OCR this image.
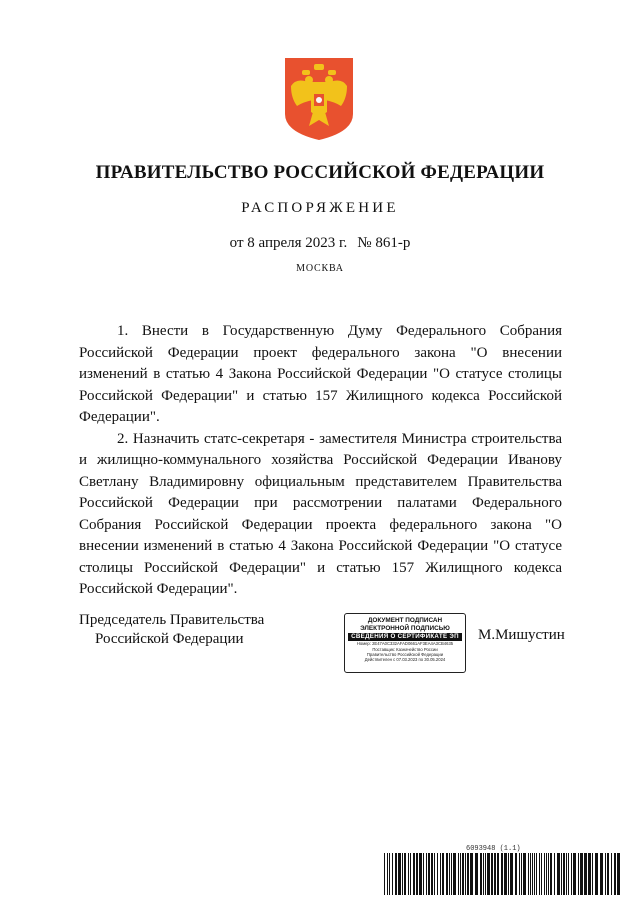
ПРАВИТЕЛЬСТВО РОССИЙСКОЙ ФЕДЕРАЦИИ
РАСПОРЯЖЕНИЕ
от 8 апреля 2023 г. № 861-р
МОСКВА

1. Внести в Государственную Думу Федерального Собрания Российской Федерации проект федерального закона "О внесении изменений в статью 4 Закона Российской Федерации "О статусе столицы Российской Федерации" и статью 157 Жилищного кодекса Российской Федерации".

2. Назначить статс-секретаря - заместителя Министра строительства и жилищно-коммунального хозяйства Российской Федерации Иванову Светлану Владимировну официальным представителем Правительства Российской Федерации при рассмотрении палатами Федерального Собрания Российской Федерации проекта федерального закона "О внесении изменений в статью 4 Закона Российской Федерации "О статусе столицы Российской Федерации" и статью 157 Жилищного кодекса Российской Федерации".

Председатель Правительства
Российской Федерации
ДОКУМЕНТ ПОДПИСАН
ЭЛЕКТРОННОЙ ПОДПИСЬЮ
СВЕДЕНИЯ О СЕРТИФИКАТЕ ЭП
Номер: 2E47A0C332AFAD0661AF3EA4A3CB4635
Поставщик: Казначейство России
Правительство Российской Федерации
Действителен с 07.03.2023 по 30.05.2024
М.Мишустин
6093948 (1.1)
